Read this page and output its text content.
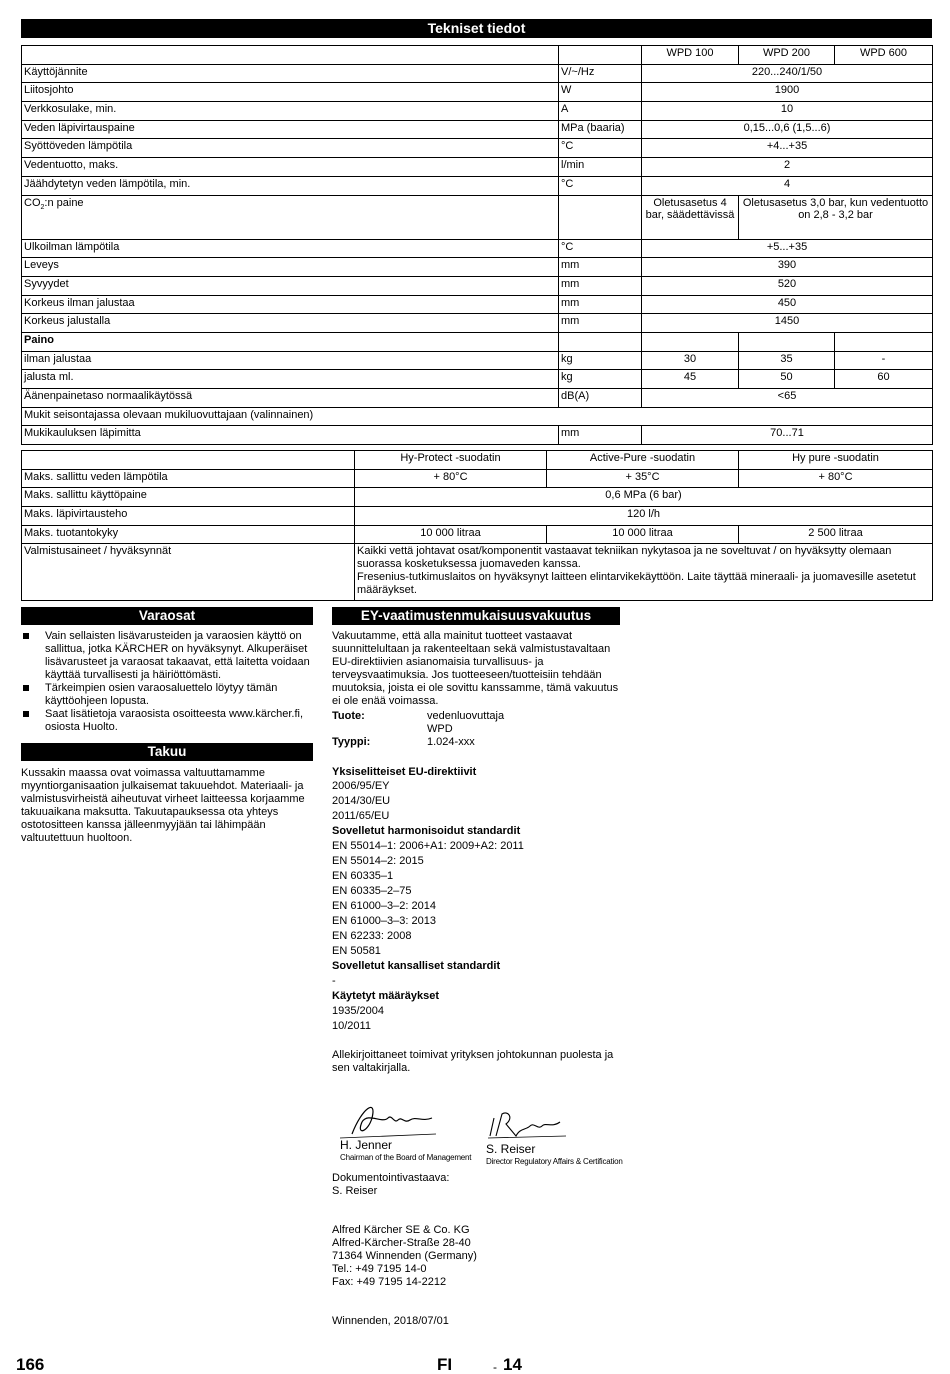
Tekniset tiedot
		WPD 100	WPD 200	WPD 600
Käyttöjännite	V/~/Hz	220...240/1/50		
Liitosjohto	W	1900		
Verkkosulake, min.	A	10		
Veden läpivirtauspaine	MPa (baaria)	0,15...0,6 (1,5...6)		
Syöttöveden lämpötila	°C	+4...+35		
Vedentuotto, maks.	l/min	2		
Jäähdytetyn veden lämpötila, min.	°C	4		
$CO_2:n$ paine		Oletusasetus 4 bar, säädettävissä	Oletusasetus 3,0 bar, kun vedentuotto on 2,8 - 3,2 bar	
Ulkoilman lämpötila	°C	+5...+35		
Leveys	mm	390		
Syvyydet	mm	520		
Korkeus ilman jalustaa	mm	450		
Korkeus jalustalla	mm	1450		
Paino				
ilman jalustaa	kg	30	35	-
jalusta ml.	kg	45	50	60
Äänenpainetaso normaalikäytössä	dB(A)	<65		
Mukit seisontajassa olevaan mukiluovuttajaan (valinnainen)				
Mukikauluksen läpimitta	mm	70...71		
	Hy-Protect -suodatin	Active-Pure -suodatin	Hy pure -suodatin
Maks. sallittu veden lämpötila	+ 80°C	+ 35°C	+ 80°C
Maks. sallittu käyttöpaine	0,6 MPa (6 bar)		
Maks. läpivirtausteho	120 l/h		
Maks. tuotantokyky	10 000 litraa	10 000 litraa	2 500 litraa
Valmistusaineet / hyväksynnät	Kaikki vettä johtavat osat/komponentit vastaavat tekniikan nykytasoa ja ne soveltuvat / on hyväksytty olemaan suorassa kosketuksessa juomaveden kanssa.
Fresenius-tutkimuslaitos on hyväksynyt laitteen elintarvikekäyttöön. Laite täyttää mineraali- ja juomavesille asetetut määräykset.		
Varaosat
Vain sellaisten lisävarusteiden ja varaosien käyttö on sallittua, jotka KÄRCHER on hyväksynyt. Alkuperäiset lisävarusteet ja varaosat takaavat, että laitetta voidaan käyttää turvallisesti ja häiriöttömästi.
Tärkeimpien osien varaosaluettelo löytyy tämän käyttöohjeen lopusta.
Saat lisätietoja varaosista osoitteesta www.kärcher.fi, osiosta Huolto.
Takuu
Kussakin maassa ovat voimassa valtuuttamamme myyntiorganisaation julkaisemat takuuehdot. Materiaali- ja valmistusvirheistä aiheutuvat virheet laitteessa korjaamme takuuaikana maksutta. Takuutapauksessa ota yhteys ostotositteen kanssa jälleenmyyjään tai lähimpään valtuutettuun huoltoon.
EY-vaatimustenmukaisuusvakuutus
Vakuutamme, että alla mainitut tuotteet vastaavat suunnittelultaan ja rakenteeltaan sekä valmistustavaltaan EU-direktiivien asianomaisia turvallisuus- ja terveysvaatimuksia. Jos tuotteeseen/tuotteisiin tehdään muutoksia, joista ei ole sovittu kanssamme, tämä vakuutus ei ole enää voimassa.
Tuote:	vedenluovuttaja
WPD
Tyyppi:	1.024-xxx
Yksiselitteiset EU-direktiivit
2006/95/EY
2014/30/EU
2011/65/EU
Sovelletut harmonisoidut standardit
EN 55014–1: 2006+A1: 2009+A2: 2011
EN 55014–2: 2015
EN 60335–1
EN 60335–2–75
EN 61000–3–2: 2014
EN 61000–3–3: 2013
EN 62233: 2008
EN 50581
Sovelletut kansalliset standardit
-
Käytetyt määräykset
1935/2004
10/2011
Allekirjoittaneet toimivat yrityksen johtokunnan puolesta ja sen valtakirjalla.
H. Jenner
Chairman of the Board of Management
S. Reiser
Director Regulatory Affairs & Certification
Dokumentointivastaava:
S. Reiser
Alfred Kärcher SE & Co. KG
Alfred-Kärcher-Straße 28-40
71364 Winnenden (Germany)
Tel.: +49 7195 14-0
Fax: +49 7195 14-2212
Winnenden, 2018/07/01
166	FI	- 14
